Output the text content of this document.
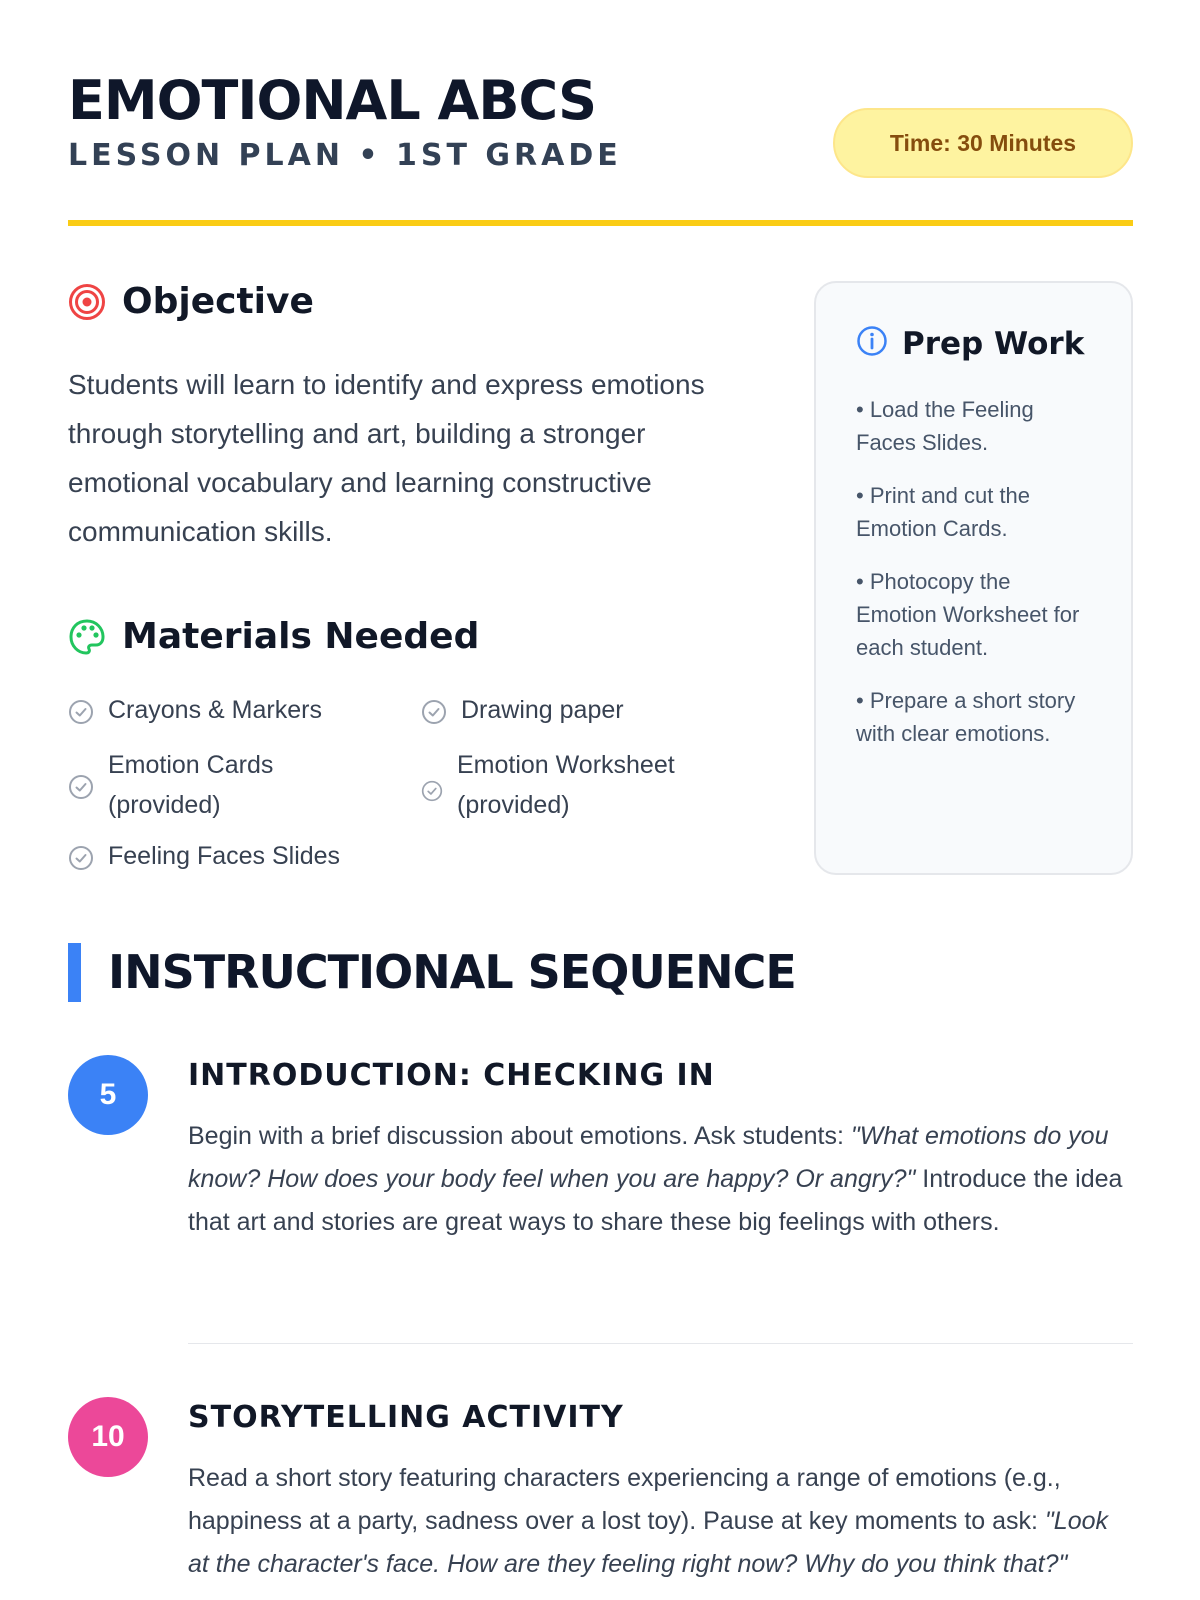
EMOTIONAL ABCS
LESSON PLAN • 1ST GRADE	Time: 30 Minutes
Objective
Students will learn to identify and express emotions through storytelling and art, building a stronger emotional vocabulary and learning constructive communication skills.
Materials Needed
Crayons & Markers	Drawing paper
Emotion Cards
(provided)
Emotion Worksheet
(provided)
Feeling Faces Slides
Prep Work
• Load the Feeling Faces Slides.
• Print and cut the Emotion Cards.
• Photocopy the Emotion Worksheet for each student.
• Prepare a short story with clear emotions.
INSTRUCTIONAL SEQUENCE
5
INTRODUCTION: CHECKING IN
Begin with a brief discussion about emotions. Ask students: "What emotions do you know? How does your body feel when you are happy? Or angry?" Introduce the idea that art and stories are great ways to share these big feelings with others.
10
STORYTELLING ACTIVITY
Read a short story featuring characters experiencing a range of emotions (e.g., happiness at a party, sadness over a lost toy). Pause at key moments to ask: "Look at the character's face. How are they feeling right now? Why do you think that?"
